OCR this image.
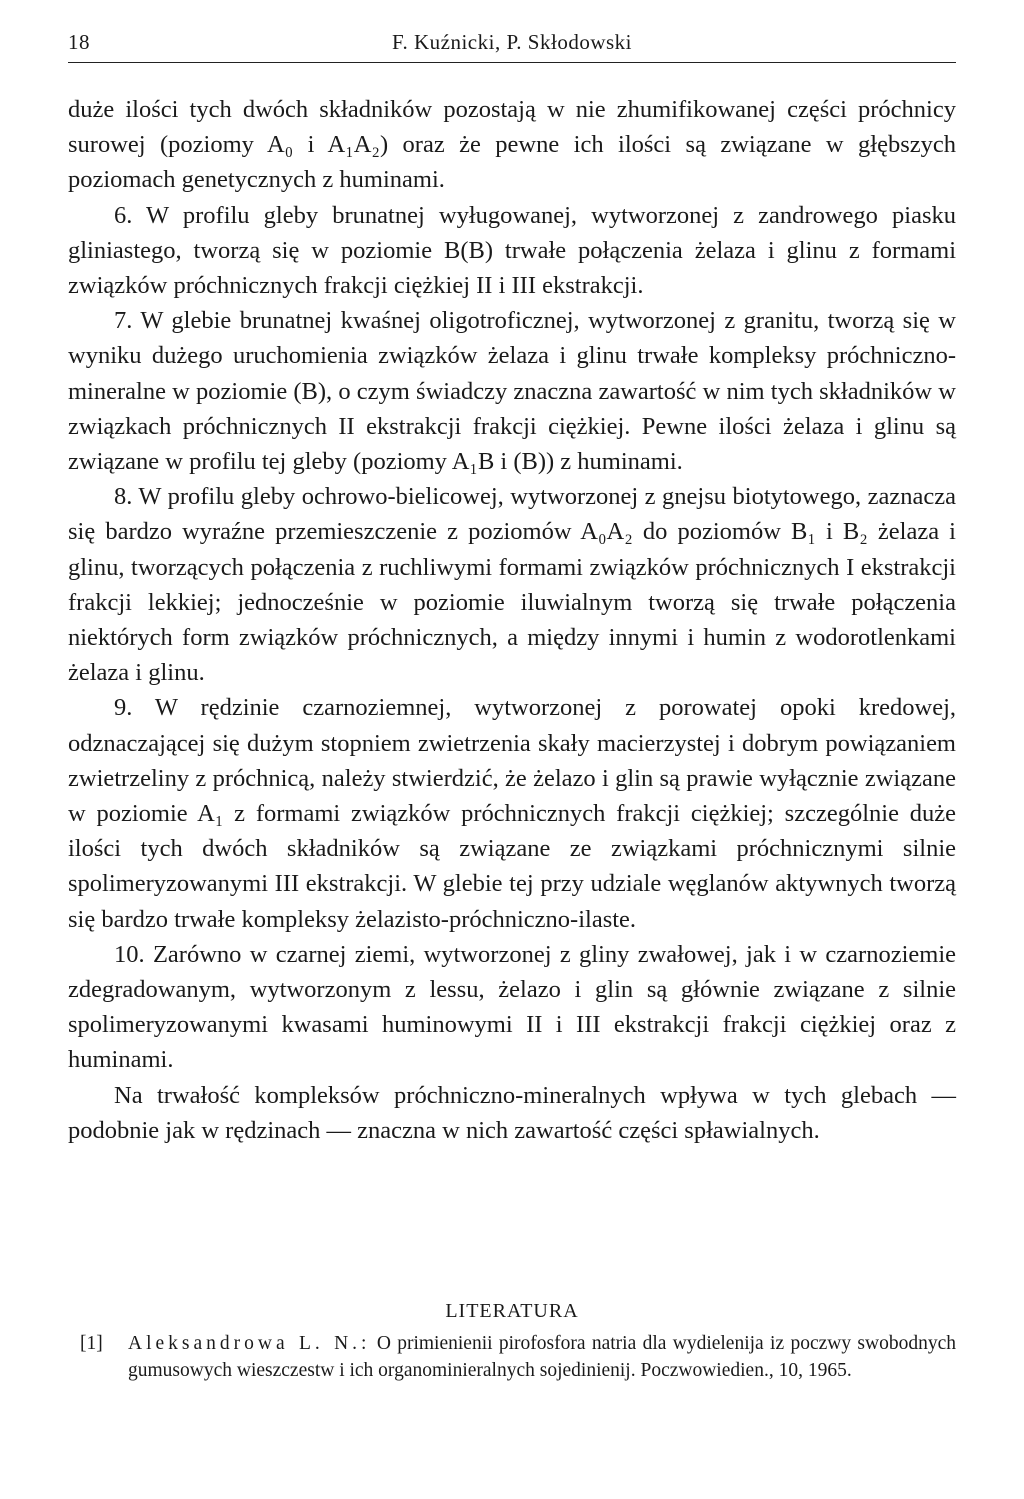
18	F. Kuźnicki, P. Skłodowski

duże ilości tych dwóch składników pozostają w nie zhumifikowanej części próchnicy surowej (poziomy A₀ i A₁A₂) oraz że pewne ich ilości są związane w głębszych poziomach genetycznych z huminami.

6. W profilu gleby brunatnej wyługowanej, wytworzonej z zandrowego piasku gliniastego, tworzą się w poziomie B(B) trwałe połączenia żelaza i glinu z formami związków próchnicznych frakcji ciężkiej II i III ekstrakcji.

7. W glebie brunatnej kwaśnej oligotroficznej, wytworzonej z granitu, tworzą się w wyniku dużego uruchomienia związków żelaza i glinu trwałe kompleksy próchniczno-mineralne w poziomie (B), o czym świadczy znaczna zawartość w nim tych składników w związkach próchnicznych II ekstrakcji frakcji ciężkiej. Pewne ilości żelaza i glinu są związane w profilu tej gleby (poziomy A₁B i (B)) z huminami.

8. W profilu gleby ochrowo-bielicowej, wytworzonej z gnejsu biotytowego, zaznacza się bardzo wyraźne przemieszczenie z poziomów A₀A₂ do poziomów B₁ i B₂ żelaza i glinu, tworzących połączenia z ruchliwymi formami związków próchnicznych I ekstrakcji frakcji lekkiej; jednocześnie w poziomie iluwialnym tworzą się trwałe połączenia niektórych form związków próchnicznych, a między innymi i humin z wodorotlenkami żelaza i glinu.

9. W rędzinie czarnoziemnej, wytworzonej z porowatej opoki kredowej, odznaczającej się dużym stopniem zwietrzenia skały macierzystej i dobrym powiązaniem zwietrzeliny z próchnicą, należy stwierdzić, że żelazo i glin są prawie wyłącznie związane w poziomie A₁ z formami związków próchnicznych frakcji ciężkiej; szczególnie duże ilości tych dwóch składników są związane ze związkami próchnicznymi silnie spolimeryzowanymi III ekstrakcji. W glebie tej przy udziale węglanów aktywnych tworzą się bardzo trwałe kompleksy żelazisto-próchniczno-ilaste.

10. Zarówno w czarnej ziemi, wytworzonej z gliny zwałowej, jak i w czarnoziemie zdegradowanym, wytworzonym z lessu, żelazo i glin są głównie związane z silnie spolimeryzowanymi kwasami huminowymi II i III ekstrakcji frakcji ciężkiej oraz z huminami.

Na trwałość kompleksów próchniczno-mineralnych wpływa w tych glebach — podobnie jak w rędzinach — znaczna w nich zawartość części spławialnych.

LITERATURA
[1] Aleksandrowa L. N.: O primienienii pirofosfora natria dla wydielenija iz poczwy swobodnych gumusowych wieszczestw i ich organominieralnych sojedinienij. Poczwowiedien., 10, 1965.
